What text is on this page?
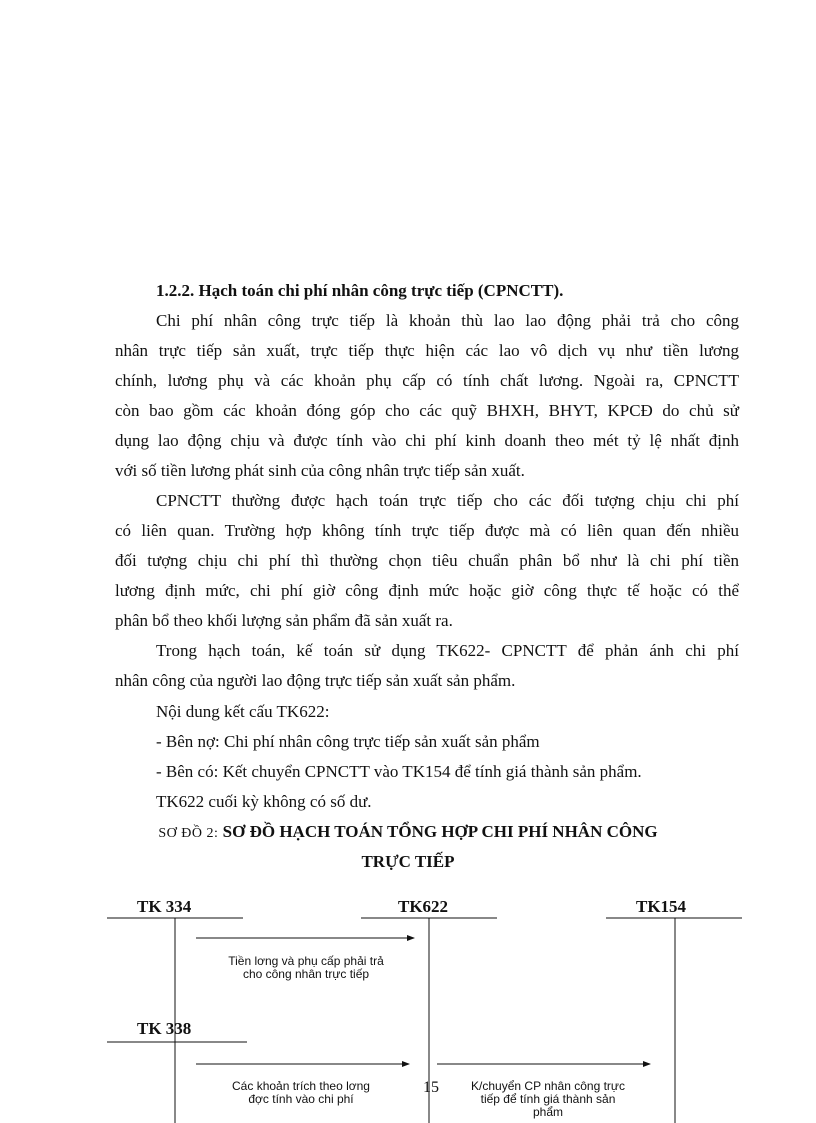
1.2.2. Hạch toán chi phí nhân công trực tiếp (CPNCTT).
Chi phí nhân công trực tiếp là khoản thù lao lao động phải trả cho công
nhân trực tiếp sản xuất, trực tiếp thực hiện các lao vô dịch vụ như tiền lương
chính, lương phụ và các khoản phụ cấp có tính chất lương. Ngoài ra, CPNCTT
còn bao gồm các khoản đóng góp cho các quỹ BHXH, BHYT, KPCĐ do chủ sử
dụng lao động chịu và được tính vào chi phí kinh doanh theo mét tỷ lệ nhất định
với số tiền lương phát sinh của công nhân trực tiếp sản xuất.
CPNCTT thường được hạch toán trực tiếp cho các đối tượng chịu chi phí
có liên quan. Trường hợp không tính trực tiếp được mà có liên quan đến nhiều
đối tượng chịu chi phí thì thường chọn tiêu chuẩn phân bổ như là chi phí tiền
lương định mức, chi phí giờ công định mức hoặc giờ công thực tế hoặc có thể
phân bổ theo khối lượng sản phẩm đã sản xuất ra.
Trong hạch toán, kế toán sử dụng TK622- CPNCTT để phản ánh chi phí
nhân công của người lao động trực tiếp sản xuất sản phẩm.
Nội dung kết cấu TK622:
- Bên nợ: Chi phí nhân công trực tiếp sản xuất sản phẩm
- Bên có: Kết chuyển CPNCTT vào TK154 để tính giá thành sản phẩm.
TK622 cuối kỳ không có số dư.
SƠ ĐỒ 2: SƠ ĐỒ HẠCH TOÁN TỔNG HỢP CHI PHÍ NHÂN CÔNG
TRỰC TIẾP
TK 334	TK622	TK154
TK 338
Tiền lơng và phụ cấp phải trả
cho công nhân trực tiếp
Các khoản trích theo lơng
đợc tính vào chi phí
K/chuyển CP nhân công trực
tiếp để tính giá thành sản
phẩm
15
